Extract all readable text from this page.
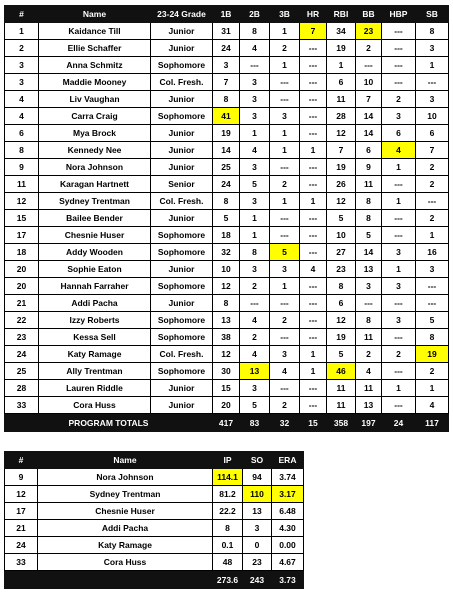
#	Name	23-24 Grade	1B	2B	3B	HR	RBI	BB	HBP	SB
1	Kaidance Till	Junior	31	8	1	7	34	23	---	8
2	Ellie Schaffer	Junior	24	4	2	---	19	2	---	3
3	Anna Schmitz	Sophomore	3	---	1	---	1	---	---	1
3	Maddie Mooney	Col. Fresh.	7	3	---	---	6	10	---	---
4	Liv Vaughan	Junior	8	3	---	---	11	7	2	3
4	Carra Craig	Sophomore	41	3	3	---	28	14	3	10
6	Mya Brock	Junior	19	1	1	---	12	14	6	6
8	Kennedy Nee	Junior	14	4	1	1	7	6	4	7
9	Nora Johnson	Junior	25	3	---	---	19	9	1	2
11	Karagan Hartnett	Senior	24	5	2	---	26	11	---	2
12	Sydney Trentman	Col. Fresh.	8	3	1	1	12	8	1	---
15	Bailee Bender	Junior	5	1	---	---	5	8	---	2
17	Chesnie Huser	Sophomore	18	1	---	---	10	5	---	1
18	Addy Wooden	Sophomore	32	8	5	---	27	14	3	16
20	Sophie Eaton	Junior	10	3	3	4	23	13	1	3
20	Hannah Farraher	Sophomore	12	2	1	---	8	3	3	---
21	Addi Pacha	Junior	8	---	---	---	6	---	---	---
22	Izzy Roberts	Sophomore	13	4	2	---	12	8	3	5
23	Kessa Sell	Sophomore	38	2	---	---	19	11	---	8
24	Katy Ramage	Col. Fresh.	12	4	3	1	5	2	2	19
25	Ally Trentman	Sophomore	30	13	4	1	46	4	---	2
28	Lauren Riddle	Junior	15	3	---	---	11	11	1	1
33	Cora Huss	Junior	20	5	2	---	11	13	---	4
PROGRAM TOTALS			417	83	32	15	358	197	24	117
#	Name	IP	SO	ERA
9	Nora Johnson	114.1	94	3.74
12	Sydney Trentman	81.2	110	3.17
17	Chesnie Huser	22.2	13	6.48
21	Addi Pacha	8	3	4.30
24	Katy Ramage	0.1	0	0.00
33	Cora Huss	48	23	4.67
		273.6	243	3.73
